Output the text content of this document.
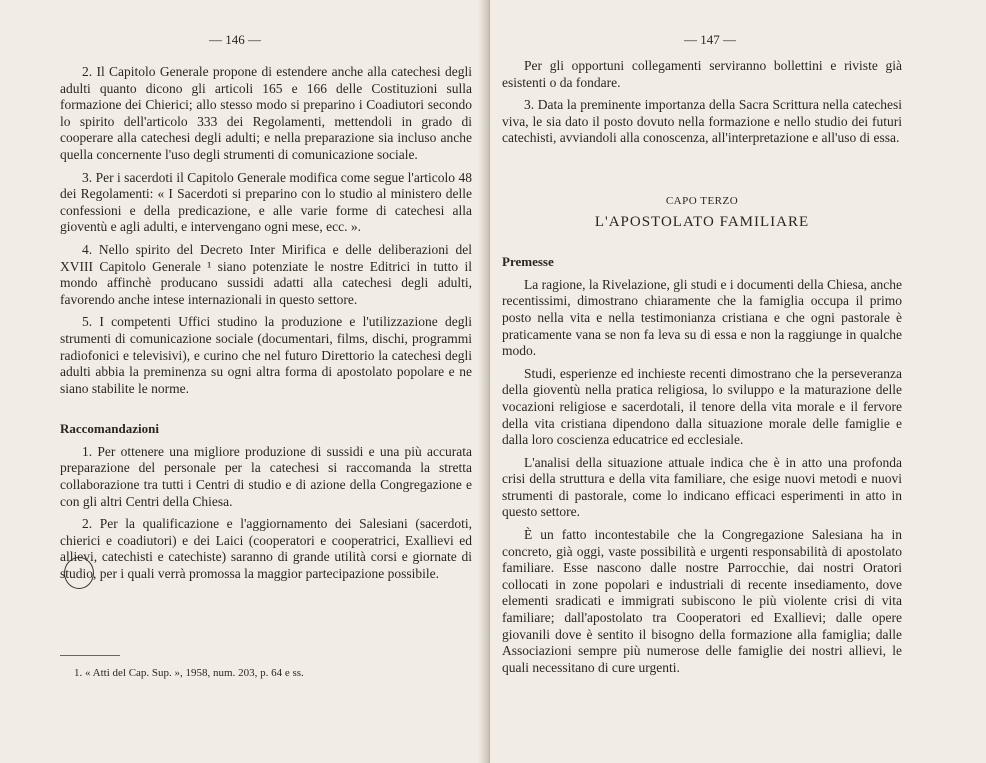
— 146 —

2. Il Capitolo Generale propone di estendere anche alla catechesi degli adulti quanto dicono gli articoli 165 e 166 delle Costituzioni sulla formazione dei Chierici; allo stesso modo si preparino i Coadiutori secondo lo spirito dell'articolo 333 dei Regolamenti, mettendoli in grado di cooperare alla catechesi degli adulti; e nella preparazione sia incluso anche quella concernente l'uso degli strumenti di comunicazione sociale.

3. Per i sacerdoti il Capitolo Generale modifica come segue l'articolo 48 dei Regolamenti: « I Sacerdoti si preparino con lo studio al ministero delle confessioni e della predicazione, e alle varie forme di catechesi alla gioventù e agli adulti, e intervengano ogni mese, ecc. ».

4. Nello spirito del Decreto Inter Mirifica e delle deliberazioni del XVIII Capitolo Generale ¹ siano potenziate le nostre Editrici in tutto il mondo affinchè producano sussidi adatti alla catechesi degli adulti, favorendo anche intese internazionali in questo settore.

5. I competenti Uffici studino la produzione e l'utilizzazione degli strumenti di comunicazione sociale (documentari, films, dischi, programmi radiofonici e televisivi), e curino che nel futuro Direttorio la catechesi degli adulti abbia la preminenza su ogni altra forma di apostolato popolare e ne siano stabilite le norme.

Raccomandazioni

1. Per ottenere una migliore produzione di sussidi e una più accurata preparazione del personale per la catechesi si raccomanda la stretta collaborazione tra tutti i Centri di studio e di azione della Congregazione e con gli altri Centri della Chiesa.

2. Per la qualificazione e l'aggiornamento dei Salesiani (sacerdoti, chierici e coadiutori) e dei Laici (cooperatori e cooperatrici, Exallievi ed allievi, catechisti e catechiste) saranno di grande utilità corsi e giornate di studio, per i quali verrà promossa la maggior partecipazione possibile.

1. « Atti del Cap. Sup. », 1958, num. 203, p. 64 e ss.
— 147 —

Per gli opportuni collegamenti serviranno bollettini e riviste già esistenti o da fondare.

3. Data la preminente importanza della Sacra Scrittura nella catechesi viva, le sia dato il posto dovuto nella formazione e nello studio dei futuri catechisti, avviandoli alla conoscenza, all'interpretazione e all'uso di essa.

CAPO TERZO
L'APOSTOLATO FAMILIARE
Premesse

La ragione, la Rivelazione, gli studi e i documenti della Chiesa, anche recentissimi, dimostrano chiaramente che la famiglia occupa il primo posto nella vita e nella testimonianza cristiana e che ogni pastorale è praticamente vana se non fa leva su di essa e non la raggiunge in qualche modo.

Studi, esperienze ed inchieste recenti dimostrano che la perseveranza della gioventù nella pratica religiosa, lo sviluppo e la maturazione delle vocazioni religiose e sacerdotali, il tenore della vita morale e il fervore della vita cristiana dipendono dalla situazione morale delle famiglie e dalla loro coscienza educatrice ed ecclesiale.

L'analisi della situazione attuale indica che è in atto una profonda crisi della struttura e della vita familiare, che esige nuovi metodi e nuovi strumenti di pastorale, come lo indicano efficaci esperimenti in atto in questo settore.

È un fatto incontestabile che la Congregazione Salesiana ha in concreto, già oggi, vaste possibilità e urgenti responsabilità di apostolato familiare. Esse nascono dalle nostre Parrocchie, dai nostri Oratori collocati in zone popolari e industriali di recente insediamento, dove elementi sradicati e immigrati subiscono le più violente crisi di vita familiare; dall'apostolato tra Cooperatori ed Exallievi; dalle opere giovanili dove è sentito il bisogno della formazione alla famiglia; dalle Associazioni sempre più numerose delle famiglie dei nostri allievi, le quali necessitano di cure urgenti.
